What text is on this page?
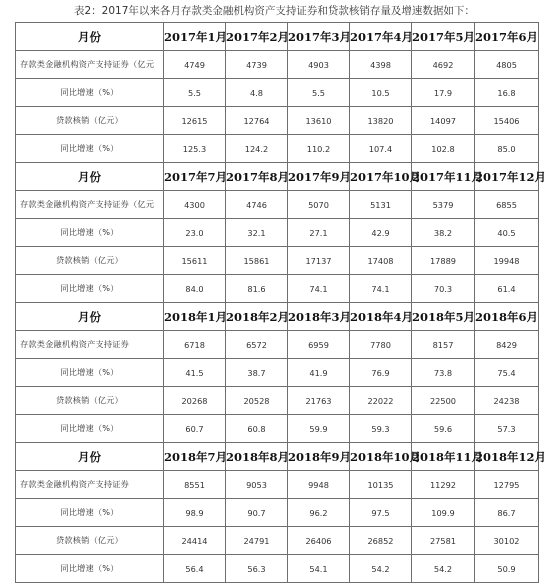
表2：2017年以来各月存款类金融机构资产支持证券和贷款核销存量及增速数据如下：
月份	2017年1月	2017年2月	2017年3月	2017年4月	2017年5月	2017年6月
存款类金融机构资产支持证券（亿元	4749	4739	4903	4398	4692	4805
同比增速（%）	5.5	4.8	5.5	10.5	17.9	16.8
贷款核销（亿元）	12615	12764	13610	13820	14097	15406
同比增速（%）	125.3	124.2	110.2	107.4	102.8	85.0
月份	2017年7月	2017年8月	2017年9月	2017年10月	2017年11月	2017年12月
存款类金融机构资产支持证券（亿元	4300	4746	5070	5131	5379	6855
同比增速（%）	23.0	32.1	27.1	42.9	38.2	40.5
贷款核销（亿元）	15611	15861	17137	17408	17889	19948
同比增速（%）	84.0	81.6	74.1	74.1	70.3	61.4
月份	2018年1月	2018年2月	2018年3月	2018年4月	2018年5月	2018年6月
存款类金融机构资产支持证券	6718	6572	6959	7780	8157	8429
同比增速（%）	41.5	38.7	41.9	76.9	73.8	75.4
贷款核销（亿元）	20268	20528	21763	22022	22500	24238
同比增速（%）	60.7	60.8	59.9	59.3	59.6	57.3
月份	2018年7月	2018年8月	2018年9月	2018年10月	2018年11月	2018年12月
存款类金融机构资产支持证券	8551	9053	9948	10135	11292	12795
同比增速（%）	98.9	90.7	96.2	97.5	109.9	86.7
贷款核销（亿元）	24414	24791	26406	26852	27581	30102
同比增速（%）	56.4	56.3	54.1	54.2	54.2	50.9
